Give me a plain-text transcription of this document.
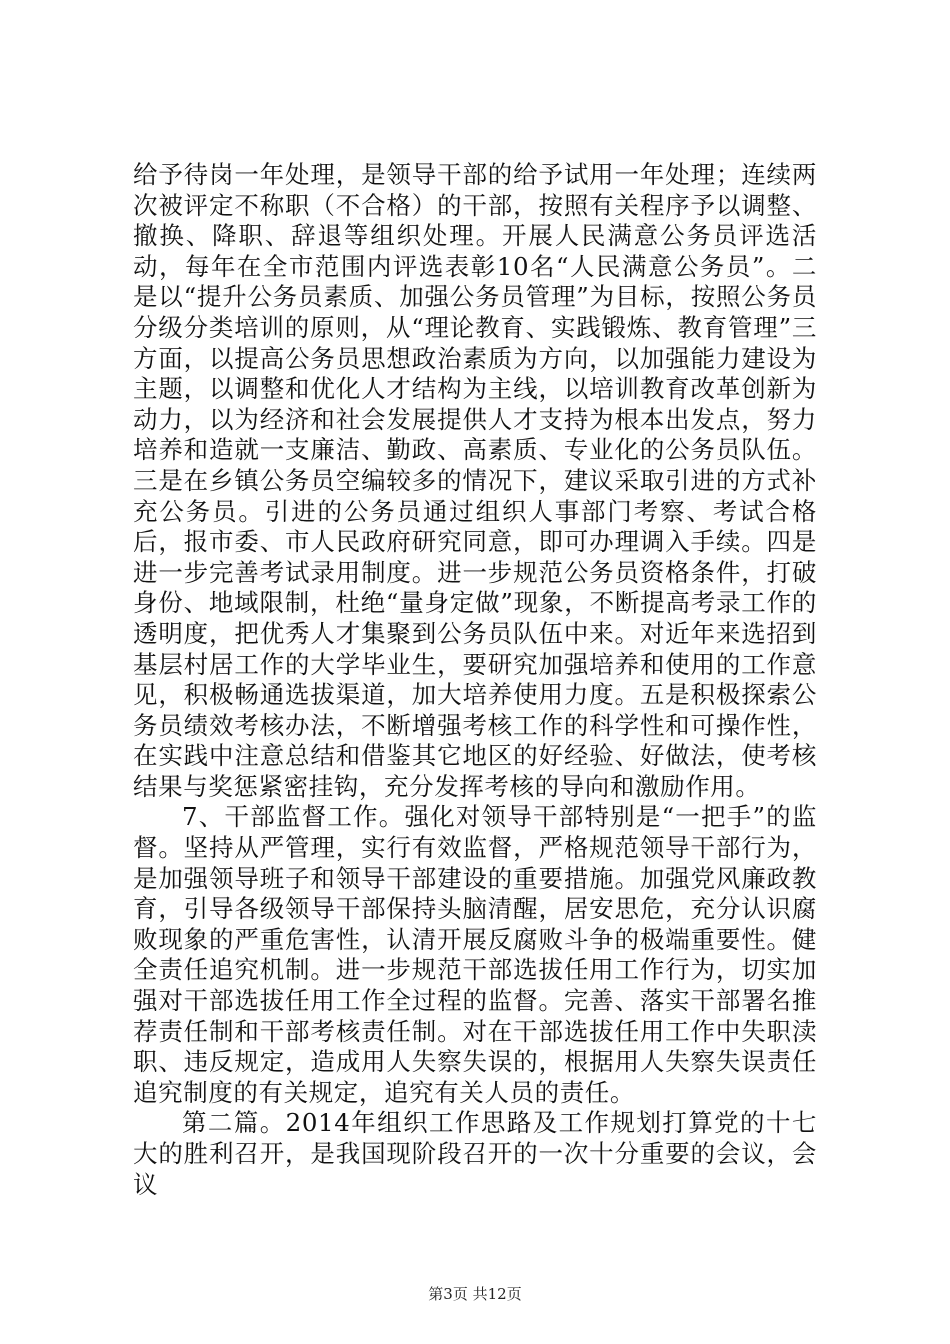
给予待岗一年处理，是领导干部的给予试用一年处理；连续两次被评定不称职（不合格）的干部，按照有关程序予以调整、撤换、降职、辞退等组织处理。开展人民满意公务员评选活动，每年在全市范围内评选表彰10名“人民满意公务员”。二是以“提升公务员素质、加强公务员管理”为目标，按照公务员分级分类培训的原则，从“理论教育、实践锻炼、教育管理”三方面，以提高公务员思想政治素质为方向，以加强能力建设为主题，以调整和优化人才结构为主线，以培训教育改革创新为动力，以为经济和社会发展提供人才支持为根本出发点，努力培养和造就一支廉洁、勤政、高素质、专业化的公务员队伍。三是在乡镇公务员空编较多的情况下，建议采取引进的方式补充公务员。引进的公务员通过组织人事部门考察、考试合格后，报市委、市人民政府研究同意，即可办理调入手续。四是进一步完善考试录用制度。进一步规范公务员资格条件，打破身份、地域限制，杜绝“量身定做”现象，不断提高考录工作的透明度，把优秀人才集聚到公务员队伍中来。对近年来选招到基层村居工作的大学毕业生，要研究加强培养和使用的工作意见，积极畅通选拔渠道，加大培养使用力度。五是积极探索公务员绩效考核办法，不断增强考核工作的科学性和可操作性，在实践中注意总结和借鉴其它地区的好经验、好做法，使考核结果与奖惩紧密挂钩，充分发挥考核的导向和激励作用。

7、干部监督工作。强化对领导干部特别是“一把手”的监督。坚持从严管理，实行有效监督，严格规范领导干部行为，是加强领导班子和领导干部建设的重要措施。加强党风廉政教育，引导各级领导干部保持头脑清醒，居安思危，充分认识腐败现象的严重危害性，认清开展反腐败斗争的极端重要性。健全责任追究机制。进一步规范干部选拔任用工作行为，切实加强对干部选拔任用工作全过程的监督。完善、落实干部署名推荐责任制和干部考核责任制。对在干部选拔任用工作中失职渎职、违反规定，造成用人失察失误的，根据用人失察失误责任追究制度的有关规定，追究有关人员的责任。

第二篇。2014年组织工作思路及工作规划打算党的十七大的胜利召开，是我国现阶段召开的一次十分重要的会议，会议

第3页 共12页
